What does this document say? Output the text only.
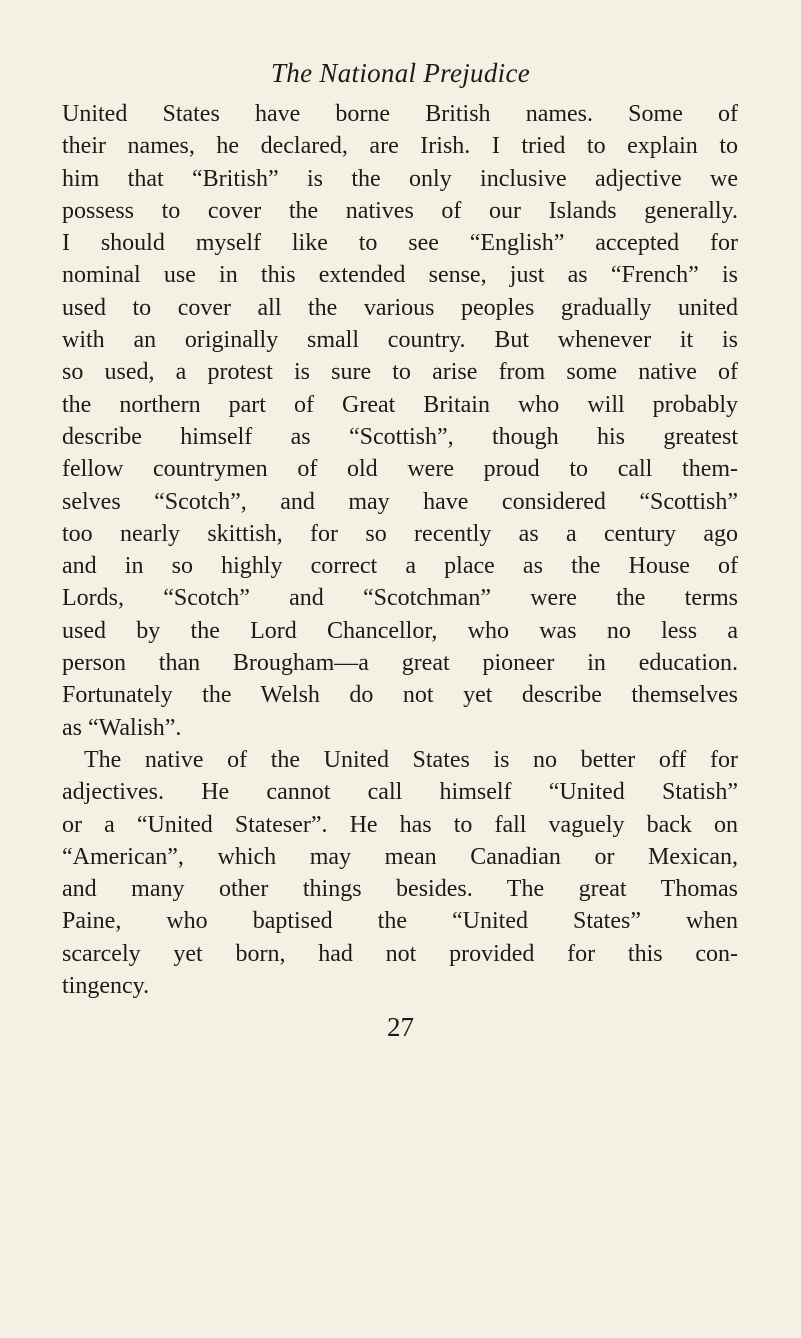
The National Prejudice
United States have borne British names. Some of
their names, he declared, are Irish. I tried to explain to
him that “British” is the only inclusive adjective we
possess to cover the natives of our Islands generally.
I should myself like to see “English” accepted for
nominal use in this extended sense, just as “French” is
used to cover all the various peoples gradually united
with an originally small country. But whenever it is
so used, a protest is sure to arise from some native of
the northern part of Great Britain who will probably
describe himself as “Scottish”, though his greatest
fellow countrymen of old were proud to call them-
selves “Scotch”, and may have considered “Scottish”
too nearly skittish, for so recently as a century ago
and in so highly correct a place as the House of
Lords, “Scotch” and “Scotchman” were the terms
used by the Lord Chancellor, who was no less a
person than Brougham—a great pioneer in education.
Fortunately the Welsh do not yet describe themselves
as “Walish”.
The native of the United States is no better off for
adjectives. He cannot call himself “United Statish”
or a “United Stateser”. He has to fall vaguely back on
“American”, which may mean Canadian or Mexican,
and many other things besides. The great Thomas
Paine, who baptised the “United States” when
scarcely yet born, had not provided for this con-
tingency.
27
